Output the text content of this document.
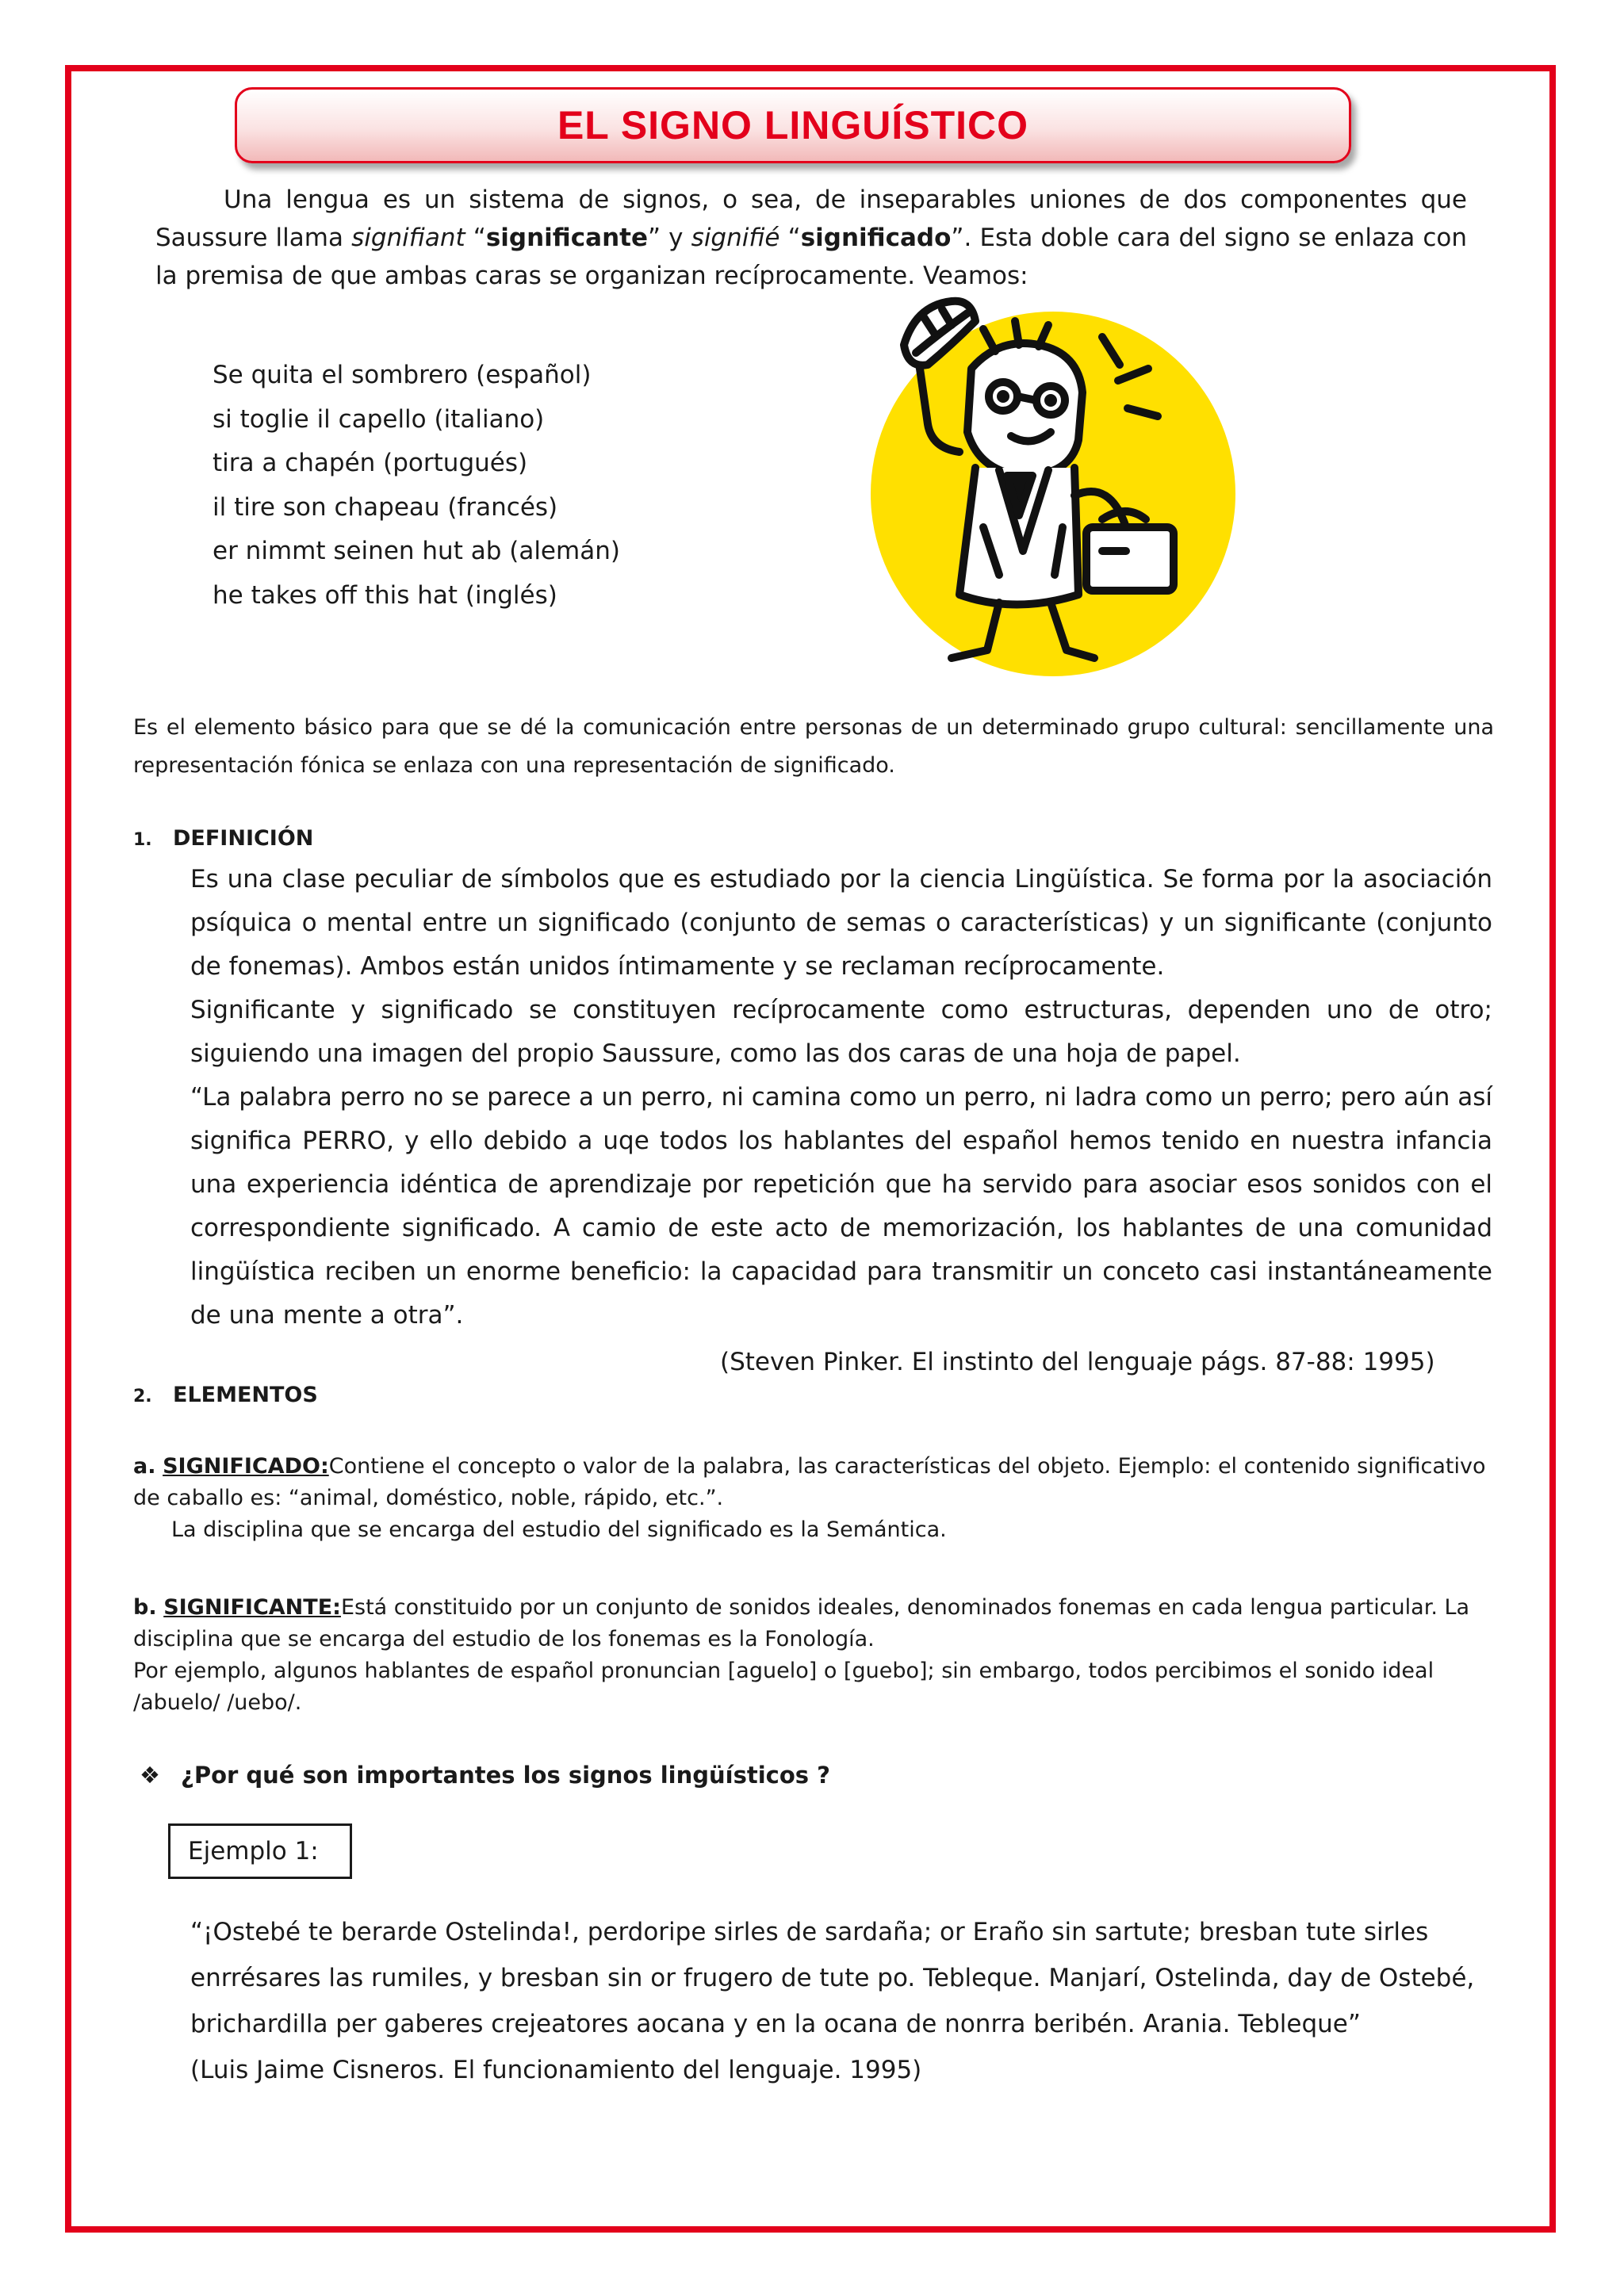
EL SIGNO LINGUÍSTICO

Una lengua es un sistema de signos, o sea, de inseparables uniones de dos componentes que Saussure llama signifiant “significante” y signifié “significado”. Esta doble cara del signo se enlaza con la premisa de que ambas caras se organizan recíprocamente. Veamos:

Se quita el sombrero (español)
si toglie il capello (italiano)
tira a chapén (portugués)
il tire son chapeau (francés)
er nimmt seinen hut ab (alemán)
he takes off this hat (inglés)

Es el elemento básico para que se dé la comunicación entre personas de un determinado grupo cultural: sencillamente una representación fónica se enlaza con una representación de significado.

1. DEFINICIÓN

Es una clase peculiar de símbolos que es estudiado por la ciencia Lingüística. Se forma por la asociación psíquica o mental entre un significado (conjunto de semas o características) y un significante (conjunto de fonemas). Ambos están unidos íntimamente y se reclaman recíprocamente.

Significante y significado se constituyen recíprocamente como estructuras, dependen uno de otro; siguiendo una imagen del propio Saussure, como las dos caras de una hoja de papel.

“La palabra perro no se parece a un perro, ni camina como un perro, ni ladra como un perro; pero aún así significa PERRO, y ello debido a uqe todos los hablantes del español hemos tenido en nuestra infancia una experiencia idéntica de aprendizaje por repetición que ha servido para asociar esos sonidos con el correspondiente significado. A camio de este acto de memorización, los hablantes de una comunidad lingüística reciben un enorme beneficio: la capacidad para transmitir un conceto casi instantáneamente de una mente a otra”.

(Steven Pinker. El instinto del lenguaje págs. 87-88: 1995)
2. ELEMENTOS
a. SIGNIFICADO:Contiene el concepto o valor de la palabra, las características del objeto. Ejemplo: el contenido significativo de caballo es: “animal, doméstico, noble, rápido, etc.”.
La disciplina que se encarga del estudio del significado es la Semántica.
b. SIGNIFICANTE:Está constituido por un conjunto de sonidos ideales, denominados fonemas en cada lengua particular. La disciplina que se encarga del estudio de los fonemas es la Fonología.
Por ejemplo, algunos hablantes de español pronuncian [aguelo] o [guebo]; sin embargo, todos percibimos el sonido ideal /abuelo/ /uebo/.
❖ ¿Por qué son importantes los signos lingüísticos ?
Ejemplo 1:
“¡Ostebé te berarde Ostelinda!, perdoripe sirles de sardaña; or Eraño sin sartute; bresban tute sirles enrrésares las rumiles, y bresban sin or frugero de tute po. Tebleque. Manjarí, Ostelinda, day de Ostebé, brichardilla per gaberes crejeatores aocana y en la ocana de nonrra beribén. Arania. Tebleque”
(Luis Jaime Cisneros. El funcionamiento del lenguaje. 1995)
